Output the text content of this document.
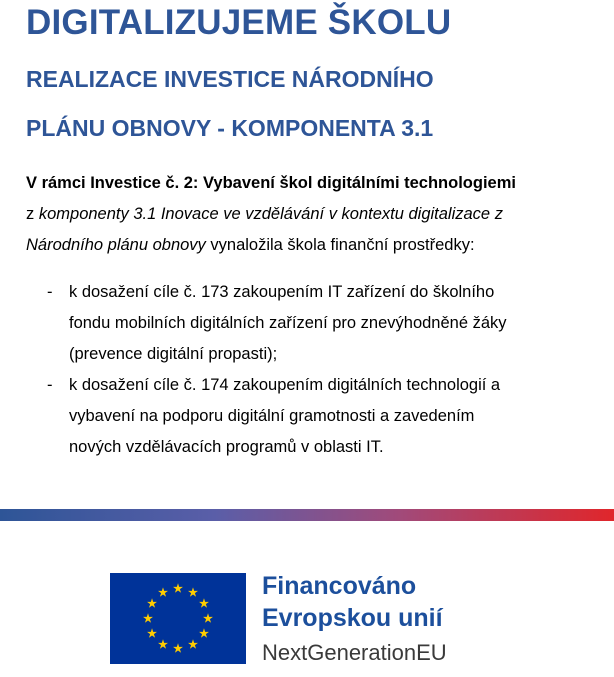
DIGITALIZUJEME ŠKOLU
REALIZACE INVESTICE NÁRODNÍHO
PLÁNU OBNOVY - KOMPONENTA 3.1

V rámci Investice č. 2: Vybavení škol digitálními technologiemi

z komponenty 3.1 Inovace ve vzdělávání v kontextu digitalizace z

Národního plánu obnovy vynaložila škola finanční prostředky:

- k dosažení cíle č. 173 zakoupením IT zařízení do školního
fondu mobilních digitálních zařízení pro znevýhodněné žáky
(prevence digitální propasti);
- k dosažení cíle č. 174 zakoupením digitálních technologií a
vybavení na podporu digitální gramotnosti a zavedením
nových vzdělávacích programů v oblasti IT.
Financováno
Evropskou unií
NextGenerationEU
